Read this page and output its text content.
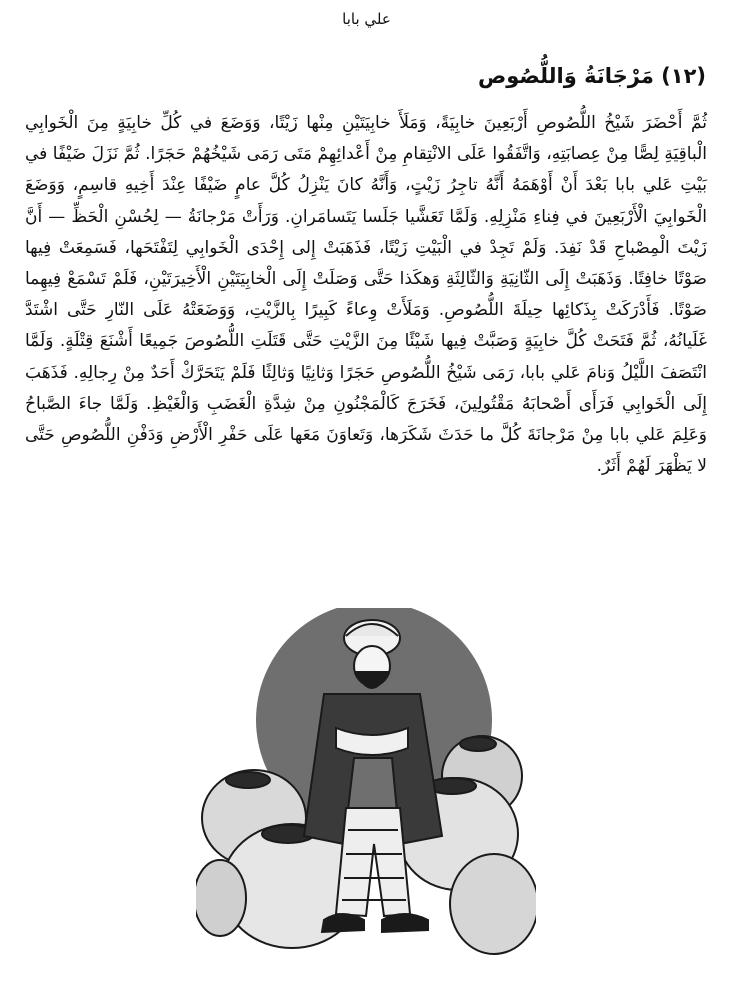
علي بابا
(١٢) مَرْجَانَةُ وَاللُّصُوص

ثُمَّ أَحْضَرَ شَيْخُ اللُّصُوصِ أَرْبَعِينَ خابِيَةً، وَمَلَأَ خابِيَتَيْنِ مِنْها زَيْتًا، وَوَضَعَ في كُلِّ خابِيَةٍ مِنَ الْخَوابِي الْباقِيَةِ لِصًّا مِنْ عِصابَتِهِ، وَاتَّفَقُوا عَلَى الانْتِقامِ مِنْ أَعْدائِهِمْ مَتَى رَمَى شَيْخُهُمْ حَجَرًا. ثُمَّ نَزَلَ ضَيْفًا في بَيْتِ عَلي بابا بَعْدَ أَنْ أَوْهَمَهُ أَنَّهُ تاجِرُ زَيْتٍ، وَأَنَّهُ كانَ يَنْزِلُ كُلَّ عامٍ ضَيْفًا عِنْدَ أَخِيهِ قاسِمٍ، وَوَضَعَ الْخَوابِيَ الْأَرْبَعِينَ في فِناءِ مَنْزِلِهِ. وَلَمَّا تَعَشَّيا جَلَسا يَتَسامَرانِ. وَرَأَتْ مَرْجانَةُ — لِحُسْنِ الْحَظِّ — أَنَّ زَيْتَ الْمِصْباحِ قَدْ نَفِدَ. وَلَمْ تَجِدْ في الْبَيْتِ زَيْتًا، فَذَهَبَتْ إِلى إِحْدَى الْخَوابِي لِتَفْتَحَها، فَسَمِعَتْ فِيها صَوْتًا خافِتًا. وَذَهَبَتْ إِلَى الثّانِيَةِ وَالثّالِثَةِ وَهكَذا حَتَّى وَصَلَتْ إِلَى الْخابِيَتَيْنِ الْأَخِيرَتَيْنِ، فَلَمْ تَسْمَعْ فِيهِما صَوْتًا. فَأَدْرَكَتْ بِذَكائِها حِيلَةَ اللُّصُوصِ. وَمَلَأَتْ وِعاءً كَبِيرًا بِالزَّيْتِ، وَوَضَعَتْهُ عَلَى النّارِ حَتَّى اشْتَدَّ غَلَيانُهُ، ثُمَّ فَتَحَتْ كُلَّ خابِيَةٍ وَصَبَّتْ فِيها شَيْئًا مِنَ الزَّيْتِ حَتَّى قَتَلَتِ اللُّصُوصَ جَمِيعًا أَشْنَعَ قِتْلَةٍ. وَلَمَّا انْتَصَفَ اللَّيْلُ وَنامَ عَلي بابا، رَمَى شَيْخُ اللُّصُوصِ حَجَرًا وَثانِيًا وَثالِثًا فَلَمْ يَتَحَرَّكْ أَحَدٌ مِنْ رِجالِهِ. فَذَهَبَ إِلَى الْخَوابِي فَرَأَى أَصْحابَهُ مَقْتُولِينَ، فَخَرَجَ كَالْمَجْنُونِ مِنْ شِدَّةِ الْغَضَبِ وَالْغَيْظِ. وَلَمَّا جاءَ الصَّباحُ وَعَلِمَ عَلي بابا مِنْ مَرْجانَةَ كُلَّ ما حَدَثَ شَكَرَها، وَتَعاوَنَ مَعَها عَلَى حَفْرِ الْأَرْضِ وَدَفْنِ اللُّصُوصِ حَتَّى لا يَظْهَرَ لَهُمْ أَثَرٌ.
